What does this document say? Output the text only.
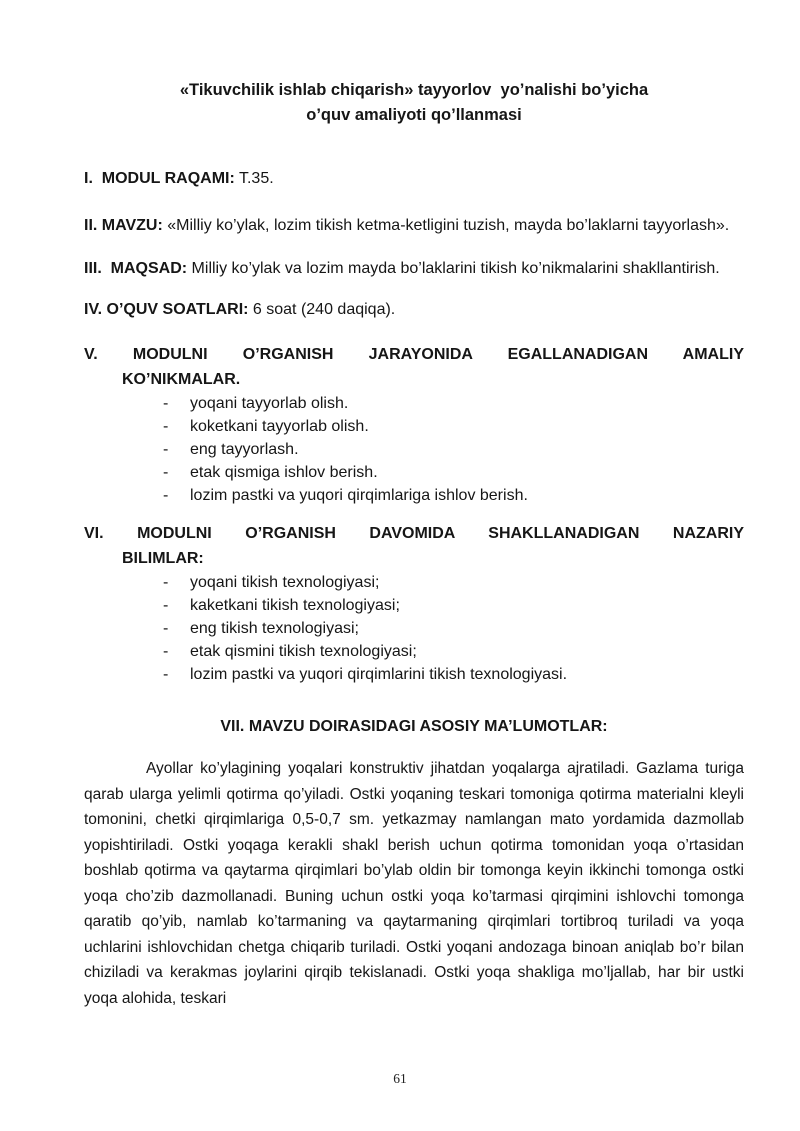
«Tikuvchilik ishlab chiqarish» tayyorlov  yo’nalishi bo’yicha
o’quv amaliyoti qo’llanmasi

I.  MODUL RAQAMI: T.35.

II. MAVZU: «Milliy ko’ylak, lozim tikish ketma-ketligini tuzish, mayda bo’laklarni tayyorlash».

III.  MAQSAD: Milliy ko’ylak va lozim mayda bo’laklarini tikish ko’nikmalarini shakllantirish.

IV. O’QUV SOATLARI: 6 soat (240 daqiqa).

V. MODULNI O’RGANISH JARAYONIDA EGALLANADIGAN AMALIY
KO’NIKMALAR.

- yoqani tayyorlab olish.
- koketkani tayyorlab olish.
- eng tayyorlash.
- etak qismiga ishlov berish.
- lozim pastki va yuqori qirqimlariga ishlov berish.

VI. MODULNI O’RGANISH DAVOMIDA SHAKLLANADIGAN NAZARIY
BILIMLAR:

- yoqani tikish texnologiyasi;
- kaketkani tikish texnologiyasi;
- eng tikish texnologiyasi;
- etak qismini tikish texnologiyasi;
- lozim pastki va yuqori qirqimlarini tikish texnologiyasi.

VII. MAVZU DOIRASIDAGI ASOSIY MA’LUMOTLAR:

Ayollar ko’ylagining yoqalari konstruktiv jihatdan yoqalarga ajratiladi. Gazlama turiga qarab ularga yelimli qotirma qo’yiladi. Ostki yoqaning teskari tomoniga qotirma materialni kleyli tomonini, chetki qirqimlariga 0,5-0,7 sm. yetkazmay namlangan mato yordamida dazmollab yopishtiriladi. Ostki yoqaga kerakli shakl berish uchun qotirma tomonidan yoqa o’rtasidan boshlab qotirma va qaytarma qirqimlari bo’ylab oldin bir tomonga keyin ikkinchi tomonga ostki yoqa cho’zib dazmollanadi. Buning uchun ostki yoqa ko’tarmasi qirqimini ishlovchi tomonga qaratib qo’yib, namlab ko’tarmaning va qaytarmaning qirqimlari tortibroq turiladi va yoqa uchlarini ishlovchidan chetga chiqarib turiladi. Ostki yoqani andozaga binoan aniqlab bo’r bilan chiziladi va kerakmas joylarini qirqib tekislanadi. Ostki yoqa shakliga mo’ljallab, har bir ustki yoqa alohida, teskari

61
